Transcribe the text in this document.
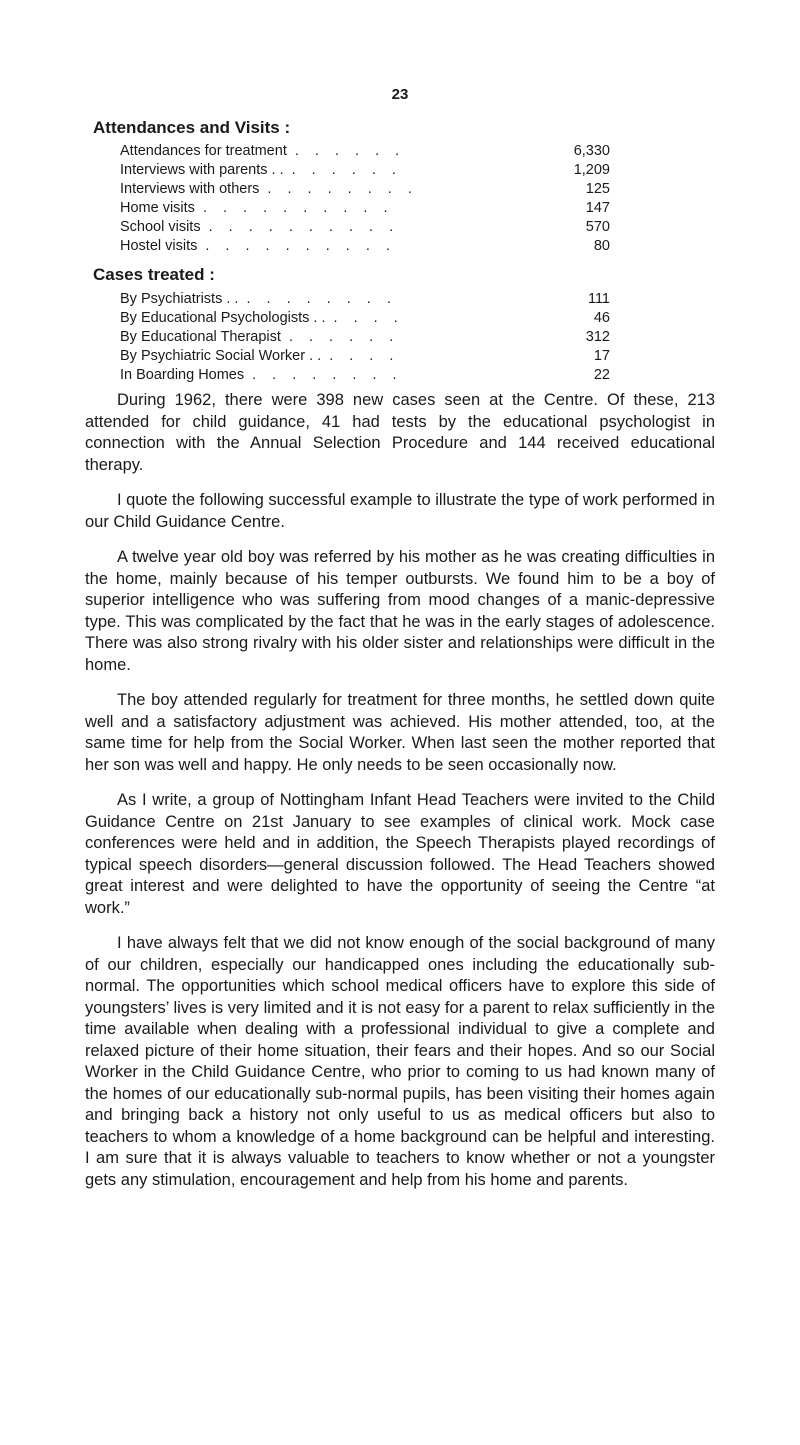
23
Attendances and Visits :
Attendances for treatment . . . . . .	6,330
Interviews with parents . . . . . . . .	1,209
Interviews with others . . . . . . . .	125
Home visits . . . . . . . . . .	147
School visits . . . . . . . . . .	570
Hostel visits . . . . . . . . . .	80
Cases treated :
By Psychiatrists . . . . . . . . . .	111
By Educational Psychologists . . . . . .	46
By Educational Therapist . . . . . .	312
By Psychiatric Social Worker . . . . . .	17
In Boarding Homes . . . . . . . .	22

During 1962, there were 398 new cases seen at the Centre. Of these, 213 attended for child guidance, 41 had tests by the educational psychologist in connection with the Annual Selection Procedure and 144 received educational therapy.

I quote the following successful example to illustrate the type of work performed in our Child Guidance Centre.

A twelve year old boy was referred by his mother as he was creating difficulties in the home, mainly because of his temper outbursts. We found him to be a boy of superior intelligence who was suffering from mood changes of a manic-depressive type. This was complicated by the fact that he was in the early stages of adolescence. There was also strong rivalry with his older sister and relationships were difficult in the home.

The boy attended regularly for treatment for three months, he settled down quite well and a satisfactory adjustment was achieved. His mother attended, too, at the same time for help from the Social Worker. When last seen the mother reported that her son was well and happy. He only needs to be seen occasionally now.

As I write, a group of Nottingham Infant Head Teachers were invited to the Child Guidance Centre on 21st January to see examples of clinical work. Mock case conferences were held and in addition, the Speech Therapists played recordings of typical speech disorders—general discussion followed. The Head Teachers showed great interest and were delighted to have the opportunity of seeing the Centre “at work.”

I have always felt that we did not know enough of the social background of many of our children, especially our handicapped ones including the educationally sub-normal. The opportunities which school medical officers have to explore this side of youngsters’ lives is very limited and it is not easy for a parent to relax sufficiently in the time available when dealing with a professional individual to give a complete and relaxed picture of their home situation, their fears and their hopes. And so our Social Worker in the Child Guidance Centre, who prior to coming to us had known many of the homes of our educationally sub-normal pupils, has been visiting their homes again and bringing back a history not only useful to us as medical officers but also to teachers to whom a knowledge of a home background can be helpful and interesting. I am sure that it is always valuable to teachers to know whether or not a youngster gets any stimulation, encouragement and help from his home and parents.
